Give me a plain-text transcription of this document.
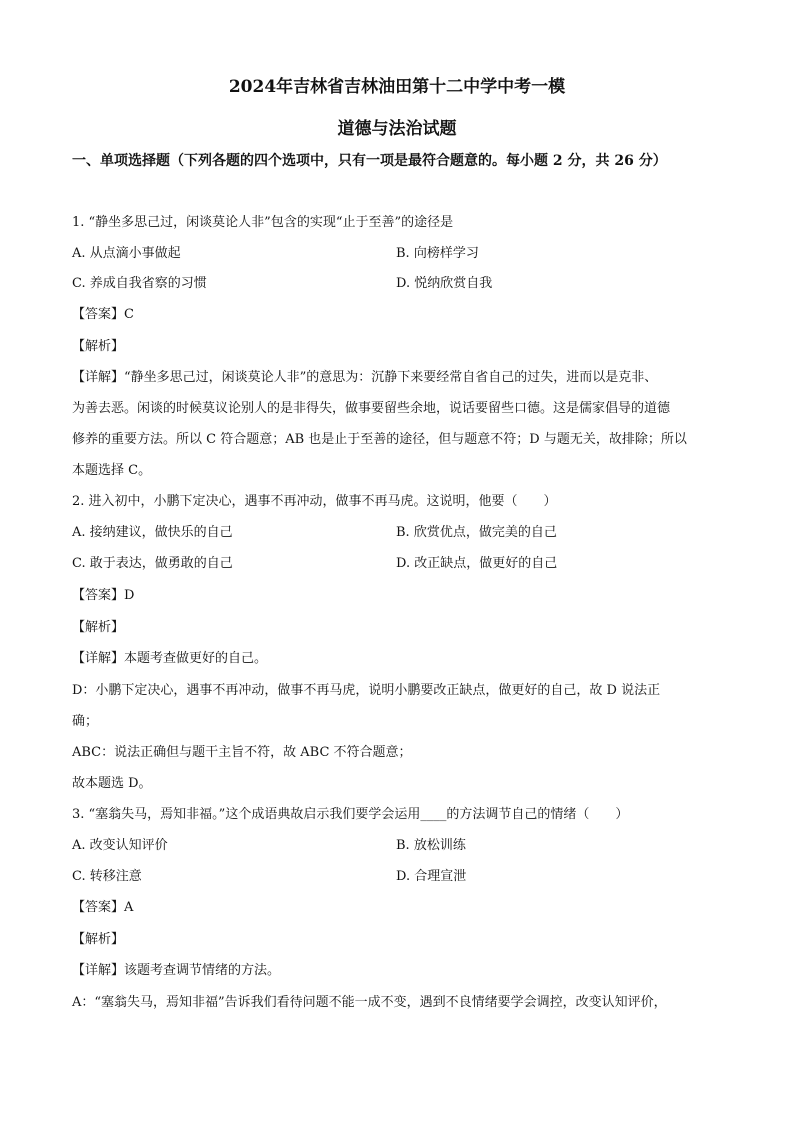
2024年吉林省吉林油田第十二中学中考一模
道德与法治试题
一、单项选择题（下列各题的四个选项中，只有一项是最符合题意的。每小题 2 分，共 26 分）
1. “静坐多思己过，闲谈莫论人非”包含的实现“止于至善”的途径是
A. 从点滴小事做起	B. 向榜样学习
C. 养成自我省察的习惯	D. 悦纳欣赏自我
【答案】C
【解析】
【详解】“静坐多思己过，闲谈莫论人非”的意思为：沉静下来要经常自省自己的过失，进而以是克非、
为善去恶。闲谈的时候莫议论别人的是非得失，做事要留些余地，说话要留些口德。这是儒家倡导的道德
修养的重要方法。所以 C 符合题意；AB 也是止于至善的途径，但与题意不符；D 与题无关，故排除；所以
本题选择 C。
2. 进入初中，小鹏下定决心，遇事不再冲动，做事不再马虎。这说明，他要（　　）
A. 接纳建议，做快乐的自己	B. 欣赏优点，做完美的自己
C. 敢于表达，做勇敢的自己	D. 改正缺点，做更好的自己
【答案】D
【解析】
【详解】本题考查做更好的自己。
D：小鹏下定决心，遇事不再冲动，做事不再马虎，说明小鹏要改正缺点，做更好的自己，故 D 说法正
确；
ABC：说法正确但与题干主旨不符，故 ABC 不符合题意；
故本题选 D。
3. “塞翁失马，焉知非福。”这个成语典故启示我们要学会运用____的方法调节自己的情绪（　　）
A. 改变认知评价	B. 放松训练
C. 转移注意	D. 合理宣泄
【答案】A
【解析】
【详解】该题考查调节情绪的方法。
A：“塞翁失马，焉知非福”告诉我们看待问题不能一成不变，遇到不良情绪要学会调控，改变认知评价，
